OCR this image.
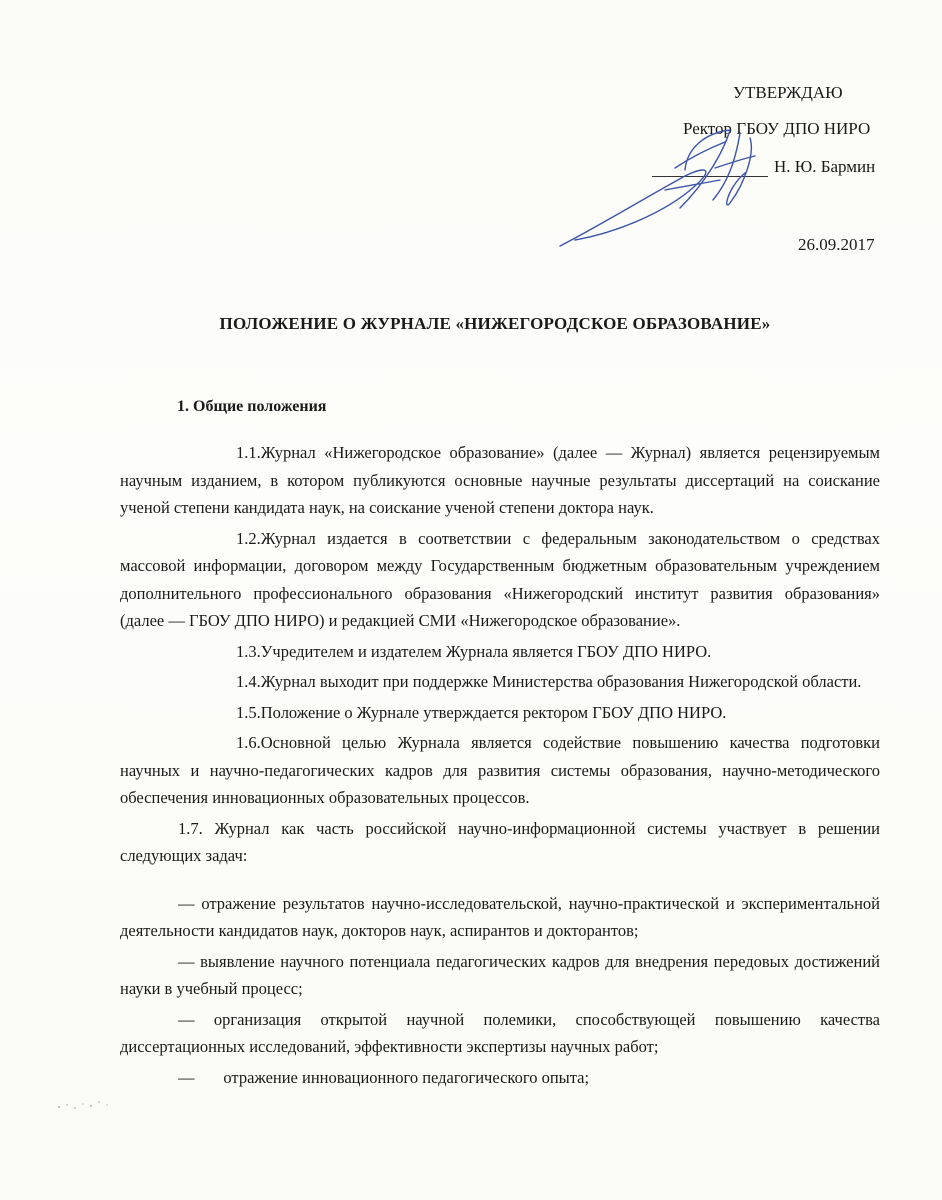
УТВЕРЖДАЮ
Ректор ГБОУ ДПО НИРО
Н. Ю. Бармин
26.09.2017
ПОЛОЖЕНИЕ О ЖУРНАЛЕ «НИЖЕГОРОДСКОЕ ОБРАЗОВАНИЕ»
1. Общие положения

1.1.Журнал «Нижегородское образование» (далее — Журнал) является рецензируемым научным изданием, в котором публикуются основные научные результаты диссертаций на соискание ученой степени кандидата наук, на соискание ученой степени доктора наук.

1.2.Журнал издается в соответствии с федеральным законодательством о средствах массовой информации, договором между Государственным бюджетным образовательным учреждением дополнительного профессионального образования «Нижегородский институт развития образования» (далее — ГБОУ ДПО НИРО) и редакцией СМИ «Нижегородское образование».

1.3.Учредителем и издателем Журнала является ГБОУ ДПО НИРО.

1.4.Журнал выходит при поддержке Министерства образования Нижегородской области.

1.5.Положение о Журнале утверждается ректором ГБОУ ДПО НИРО.

1.6.Основной целью Журнала является содействие повышению качества подготовки научных и научно-педагогических кадров для развития системы образования, научно-методического обеспечения инновационных образовательных процессов.

1.7. Журнал как часть российской научно-информационной системы участвует в решении следующих задач:

— отражение результатов научно-исследовательской, научно-практической и экспериментальной деятельности кандидатов наук, докторов наук, аспирантов и докторантов;

— выявление научного потенциала педагогических кадров для внедрения передовых достижений науки в учебный процесс;

— организация открытой научной полемики, способствующей повышению качества диссертационных исследований, эффективности экспертизы научных работ;

—       отражение инновационного педагогического опыта;
